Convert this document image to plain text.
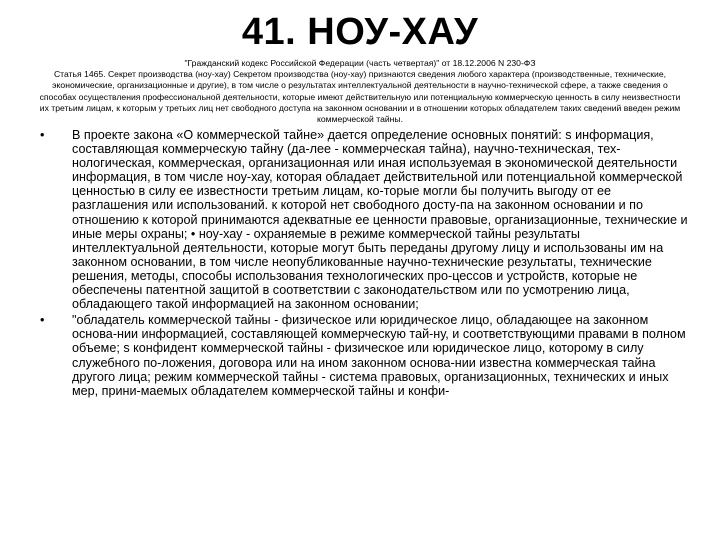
41. НОУ-ХАУ
"Гражданский кодекс Российской Федерации (часть четвертая)" от 18.12.2006 N 230-ФЗ
Статья 1465. Секрет производства (ноу-хау) Секретом производства (ноу-хау) признаются сведения любого характера (производственные, технические, экономические, организационные и другие), в том числе о результатах интеллектуальной деятельности в научно-технической сфере, а также сведения о способах осуществления профессиональной деятельности, которые имеют действительную или потенциальную коммерческую ценность в силу неизвестности их третьим лицам, к которым у третьих лиц нет свободного доступа на законном основании и в отношении которых обладателем таких сведений введен режим коммерческой тайны.
•	В проекте закона «О коммерческой тайне» дается определение основных понятий: s информация, составляющая коммерческую тайну (да-лее - коммерческая тайна), научно-техническая, тех-нологическая, коммерческая, организационная или иная используемая в экономической деятельности информация, в том числе ноу-хау, которая обладает действительной или потенциальной коммерческой ценностью в силу ее известности третьим лицам, ко-торые могли бы получить выгоду от ее разглашения или использований. к которой нет свободного досту-па на законном основании и по отношению к которой принимаются адекватные ее ценности правовые, организационные, технические и иные меры охраны; • ноу-хау - охраняемые в режиме коммерческой тайны результаты интеллектуальной деятельности, которые могут быть переданы другому лицу и использованы им на законном основании, в том числе неопубликованные научно-технические результаты, технические решения, методы, способы использования технологических про-цессов и устройств, которые не обеспечены патентной защитой в соответствии с законодательством или по усмотрению лица, обладающего такой информацией на законном основании;
•	"обладатель коммерческой тайны - физическое или юридическое лицо, обладающее на законном основа-нии информацией, составляющей коммерческую тай-ну, и соответствующими правами в полном объеме; s конфидент коммерческой тайны - физическое или юридическое лицо, которому в силу служебного по-ложения, договора или на ином законном основа-нии известна коммерческая тайна другого лица; режим коммерческой тайны - система правовых, организационных, технических и иных мер, прини-маемых обладателем коммерческой тайны и конфи-
